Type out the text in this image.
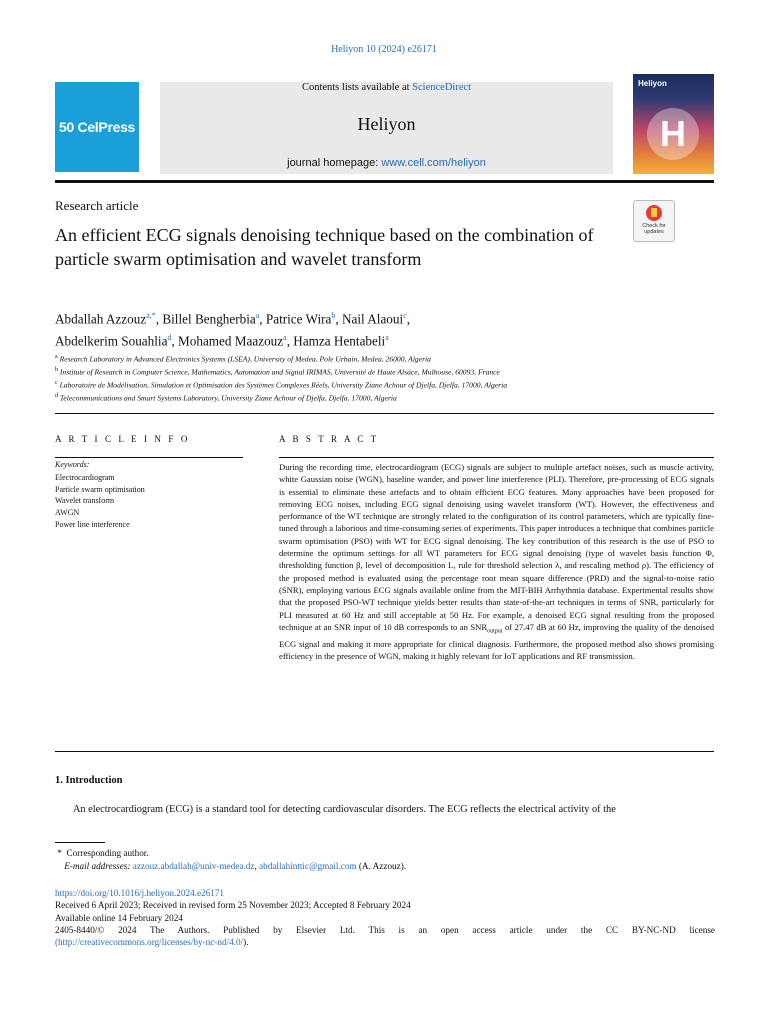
Heliyon 10 (2024) e26171
50 CelPress
Contents lists available at ScienceDirect
Heliyon
journal homepage: www.cell.com/heliyon
Heliyon
H
Research article
An efficient ECG signals denoising technique based on the combination of particle swarm optimisation and wavelet transform
Check for
updates
Abdallah Azzouz$^{a,*}$, Billel Bengherbia$^a$, Patrice Wira$^b$, Nail Alaoui$^c$,
Abdelkerim Souahlia$^d$, Mohamed Maazouz$^a$, Hamza Hentabeli$^a$
$^a$ Research Laboratory in Advanced Electronics Systems (LSEA), University of Medea, Pole Urbain, Medea, 26000, Algeria
$^b$ Institute of Research in Computer Science, Mathematics, Automation and Signal IRIMAS, Université de Haute Alsace, Mulhouse, 60093, France
$^c$ Laboratoire de Modélisation, Simulation et Optimisation des Systèmes Complexes Réels, University Ziane Achour of Djelfa, Djelfa, 17000, Algeria
$^d$ Telecommunications and Smart Systems Laboratory, University Ziane Achour of Djelfa, Djelfa, 17000, Algeria
A R T I C L E I N F O	A B S T R A C T
Keywords:
Electrocardiogram
Particle swarm optimisation
Wavelet transform
AWGN
Power line interference
During the recording time, electrocardiogram (ECG) signals are subject to multiple artefact noises, such as muscle activity, white Gaussian noise (WGN), baseline wander, and power line interference (PLI). Therefore, pre-processing of ECG signals is essential to eliminate these artefacts and to obtain efficient ECG features. Many approaches have been proposed for removing ECG noises, including ECG signal denoising using wavelet transform (WT). However, the effectiveness and performance of the WT technique are strongly related to the configuration of its control parameters, which are typically fine-tuned through a laborious and time-consuming series of experiments. This paper introduces a technique that combines particle swarm optimisation (PSO) with WT for ECG signal denoising. The key contribution of this research is the use of PSO to determine the optimum settings for all WT parameters for ECG signal denoising (type of wavelet basis function Φ, thresholding function β, level of decomposition L, rule for threshold selection λ, and rescaling method ρ). The efficiency of the proposed method is evaluated using the percentage root mean square difference (PRD) and the signal-to-noise ratio (SNR), employing various ECG signals available online from the MIT-BIH Arrhythmia database. Experimental results show that the proposed PSO-WT technique yields better results than state-of-the-art techniques in terms of SNR, particularly for PLI measured at 60 Hz and still acceptable at 50 Hz. For example, a denoised ECG signal resulting from the proposed technique at an SNR input of 10 dB corresponds to an $SNR_{output}$ of 27.47 dB at 60 Hz, improving the quality of the denoised ECG signal and making it more appropriate for clinical diagnosis. Furthermore, the proposed method also shows promising efficiency in the presence of WGN, making it highly relevant for IoT applications and RF transmission.
1. Introduction
An electrocardiogram (ECG) is a standard tool for detecting cardiovascular disorders. The ECG reflects the electrical activity of the
*  Corresponding author.
E-mail addresses: azzouz.abdallah@univ-medea.dz, abdallahinttic@gmail.com (A. Azzouz).
https://doi.org/10.1016/j.heliyon.2024.e26171
Received 6 April 2023; Received in revised form 25 November 2023; Accepted 8 February 2024
Available online 14 February 2024
2405-8440/© 2024 The Authors. Published by Elsevier Ltd. This is an open access article under the CC BY-NC-ND license
(http://creativecommons.org/licenses/by-nc-nd/4.0/).
